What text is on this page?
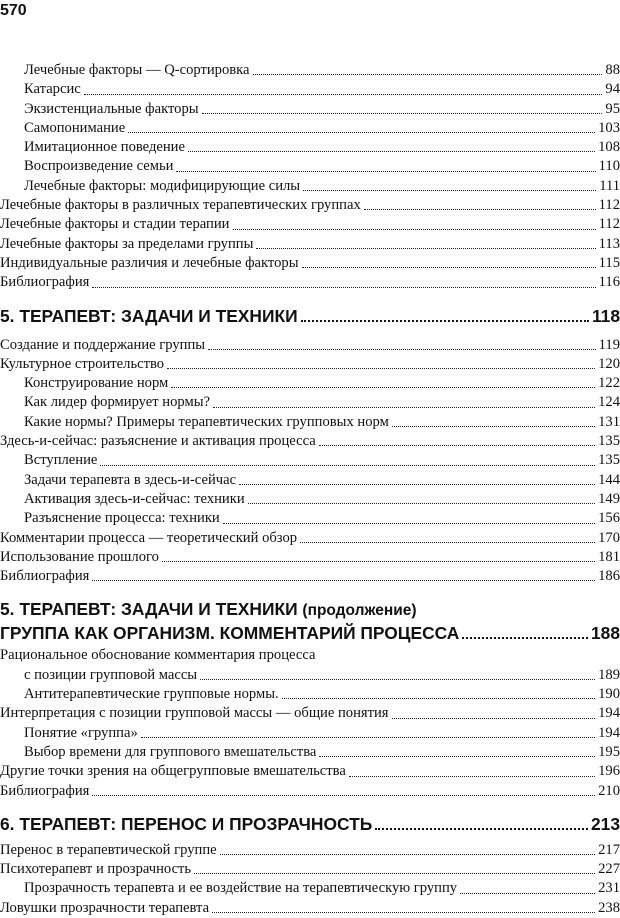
570
Лечебные факторы — Q-сортировка	88
Катарсис	94
Экзистенциальные факторы	95
Самопонимание	103
Имитационное поведение	108
Воспроизведение семьи	110
Лечебные факторы: модифицирующие силы	111
Лечебные факторы в различных терапевтических группах	112
Лечебные факторы и стадии терапии	112
Лечебные факторы за пределами группы	113
Индивидуальные различия и лечебные факторы	115
Библиография	116
5. ТЕРАПЕВТ: ЗАДАЧИ И ТЕХНИКИ	118
Создание и поддержание группы	119
Культурное строительство	120
Конструирование норм	122
Как лидер формирует нормы?	124
Какие нормы? Примеры терапевтических групповых норм	131
Здесь-и-сейчас: разъяснение и активация процесса	135
Вступление	135
Задачи терапевта в здесь-и-сейчас	144
Активация здесь-и-сейчас: техники	149
Разъяснение процесса: техники	156
Комментарии процесса — теоретический обзор	170
Использование прошлого	181
Библиография	186
5. ТЕРАПЕВТ: ЗАДАЧИ И ТЕХНИКИ (продолжение)
ГРУППА КАК ОРГАНИЗМ. КОММЕНТАРИЙ ПРОЦЕССА	188
Рациональное обоснование комментария процесса
с позиции групповой массы	189
Антитерапевтические групповые нормы.	190
Интерпретация с позиции групповой массы — общие понятия	194
Понятие «группа»	194
Выбор времени для группового вмешательства	195
Другие точки зрения на общегрупповые вмешательства	196
Библиография	210
6. ТЕРАПЕВТ: ПЕРЕНОС И ПРОЗРАЧНОСТЬ	213
Перенос в терапевтической группе	217
Психотерапевт и прозрачность	227
Прозрачность терапевта и ее воздействие на терапевтическую группу	231
Ловушки прозрачности терапевта	238
